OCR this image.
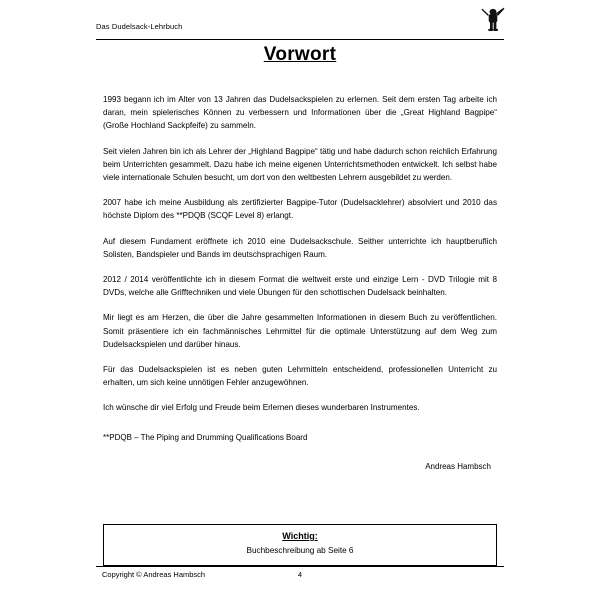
Das Dudelsack-Lehrbuch
Vorwort

1993 begann ich im Alter von 13 Jahren das Dudelsackspielen zu erlernen. Seit dem ersten Tag arbeite ich daran, mein spielerisches Können zu verbessern und Informationen über die „Great Highland Bagpipe“ (Große Hochland Sackpfeife) zu sammeln.

Seit vielen Jahren bin ich als Lehrer der „Highland Bagpipe“ tätig und habe dadurch schon reichlich Erfahrung beim Unterrichten gesammelt. Dazu habe ich meine eigenen Unterrichtsmethoden entwickelt. Ich selbst habe viele internationale Schulen besucht, um dort von den weltbesten Lehrern ausgebildet zu werden.

2007 habe ich meine Ausbildung als zertifizierter Bagpipe-Tutor (Dudelsacklehrer) absolviert und 2010 das höchste Diplom des **PDQB (SCQF Level 8) erlangt.

Auf diesem Fundament eröffnete ich 2010 eine Dudelsackschule. Seither unterrichte ich hauptberuflich Solisten, Bandspieler und Bands im deutschsprachigen Raum.

2012 / 2014 veröffentlichte ich in diesem Format die weltweit erste und einzige Lern - DVD Trilogie mit 8 DVDs, welche alle Grifftechniken und viele Übungen für den schottischen Dudelsack beinhalten.

Mir liegt es am Herzen, die über die Jahre gesammelten Informationen in diesem Buch zu veröffentlichen. Somit präsentiere ich ein fachmännisches Lehrmittel für die optimale Unterstützung auf dem Weg zum Dudelsackspielen und darüber hinaus.

Für das Dudelsackspielen ist es neben guten Lehrmitteln entscheidend, professionellen Unterricht zu erhalten, um sich keine unnötigen Fehler anzugewöhnen.

Ich wünsche dir viel Erfolg und Freude beim Erlernen dieses wunderbaren Instrumentes.

**PDQB – The Piping and Drumming Qualifications Board
Andreas Hambsch
Wichtig:
Buchbeschreibung ab Seite 6
Copyright © Andreas Hambsch	4
